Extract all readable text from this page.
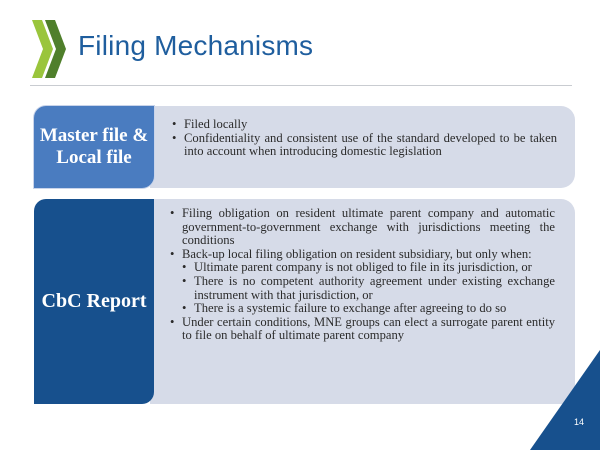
Filing Mechanisms
Master file & Local file
• Filed locally
• Confidentiality and consistent use of the standard developed to be taken into account when introducing domestic legislation
CbC Report
• Filing obligation on resident ultimate parent company and automatic government-to-government exchange with jurisdictions meeting the conditions
• Back-up local filing obligation on resident subsidiary, but only when:
• Ultimate parent company is not obliged to file in its jurisdiction, or
• There is no competent authority agreement under existing exchange instrument with that jurisdiction, or
• There is a systemic failure to exchange after agreeing to do so
• Under certain conditions, MNE groups can elect a surrogate parent entity to file on behalf of ultimate parent company
14
